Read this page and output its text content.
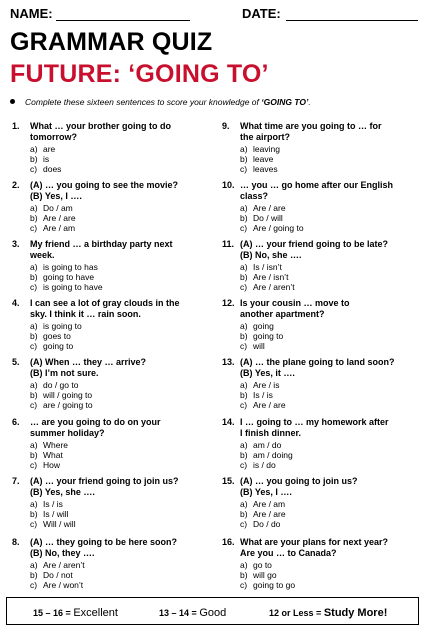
NAME:	DATE:
GRAMMAR QUIZ
FUTURE: ‘GOING TO’
Complete these sixteen sentences to score your knowledge of ‘GOING TO’.
1. What … your brother going to do
tomorrow?
a) are
b) is
c) does
2. (A) … you going to see the movie?
(B) Yes, I ….
a) Do / am
b) Are / are
c) Are / am
3. My friend … a birthday party next
week.
a) is going to has
b) going to have
c) is going to have
4. I can see a lot of gray clouds in the
sky. I think it … rain soon.
a) is going to
b) goes to
c) going to
5. (A) When … they … arrive?
(B) I’m not sure.
a) do / go to
b) will / going to
c) are / going to
6. … are you going to do on your
summer holiday?
a) Where
b) What
c) How
7. (A) … your friend going to join us?
(B) Yes, she ….
a) Is / is
b) Is / will
c) Will / will
8. (A) … they going to be here soon?
(B) No, they ….
a) Are / aren’t
b) Do / not
c) Are / won’t
9. What time are you going to … for
the airport?
a) leaving
b) leave
c) leaves
10. … you … go home after our English
class?
a) Are / are
b) Do / will
c) Are / going to
11. (A) … your friend going to be late?
(B) No, she ….
a) Is / isn’t
b) Are / isn’t
c) Are / aren’t
12. Is your cousin … move to
another apartment?
a) going
b) going to
c) will
13. (A) … the plane going to land soon?
(B) Yes, it ….
a) Are / is
b) Is / is
c) Are / are
14. I … going to … my homework after
I finish dinner.
a) am / do
b) am / doing
c) is / do
15. (A) … you going to join us?
(B) Yes, I ….
a) Are / am
b) Are / are
c) Do / do
16. What are your plans for next year?
Are you … to Canada?
a) go to
b) will go
c) going to go
15 – 16 = Excellent	13 – 14 = Good	12 or Less = Study More!
